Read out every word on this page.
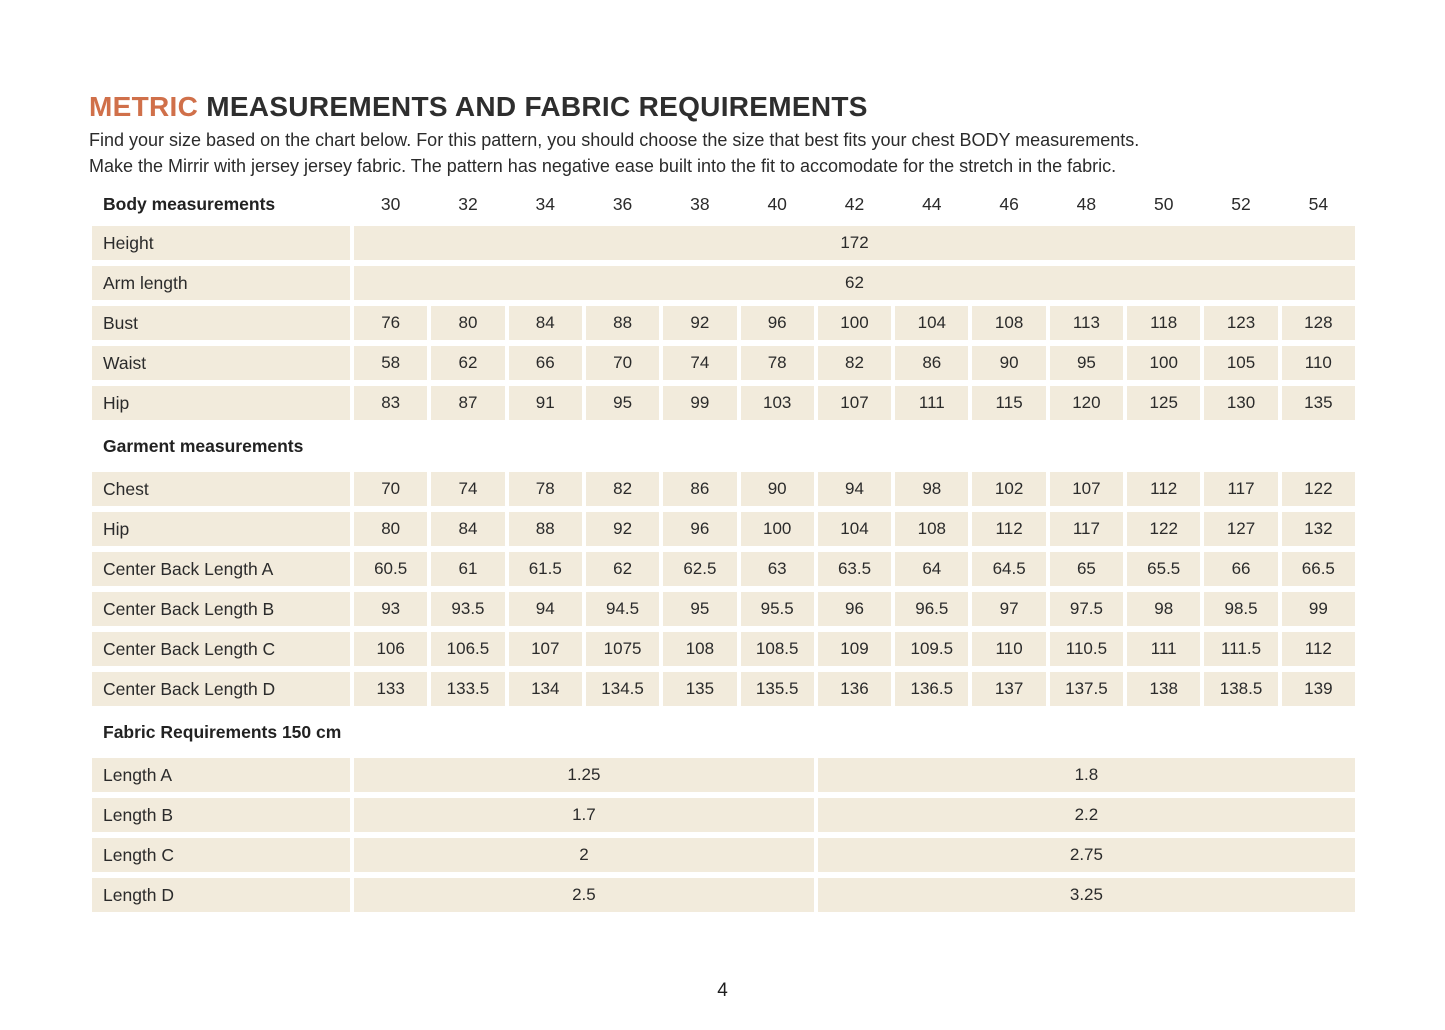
METRIC MEASUREMENTS AND FABRIC REQUIREMENTS

Find your size based on the chart below. For this pattern, you should choose the size that best fits your chest BODY measurements.

Make the Mirrir with jersey jersey fabric. The pattern has negative ease built into the fit to accomodate for the stretch in the fabric.

Body measurements	30	32	34	36	38	40	42	44	46	48	50	52	54
Height	172
Arm length	62
Bust	76	80	84	88	92	96	100	104	108	113	118	123	128
Waist	58	62	66	70	74	78	82	86	90	95	100	105	110
Hip	83	87	91	95	99	103	107	111	115	120	125	130	135
Garment measurements
Chest	70	74	78	82	86	90	94	98	102	107	112	117	122
Hip	80	84	88	92	96	100	104	108	112	117	122	127	132
Center Back Length A	60.5	61	61.5	62	62.5	63	63.5	64	64.5	65	65.5	66	66.5
Center Back Length B	93	93.5	94	94.5	95	95.5	96	96.5	97	97.5	98	98.5	99
Center Back Length C	106	106.5	107	1075	108	108.5	109	109.5	110	110.5	111	111.5	112
Center Back Length D	133	133.5	134	134.5	135	135.5	136	136.5	137	137.5	138	138.5	139
Fabric Requirements 150 cm
Length A	1.25	1.8
Length B	1.7	2.2
Length C	2	2.75
Length D	2.5	3.25
4
